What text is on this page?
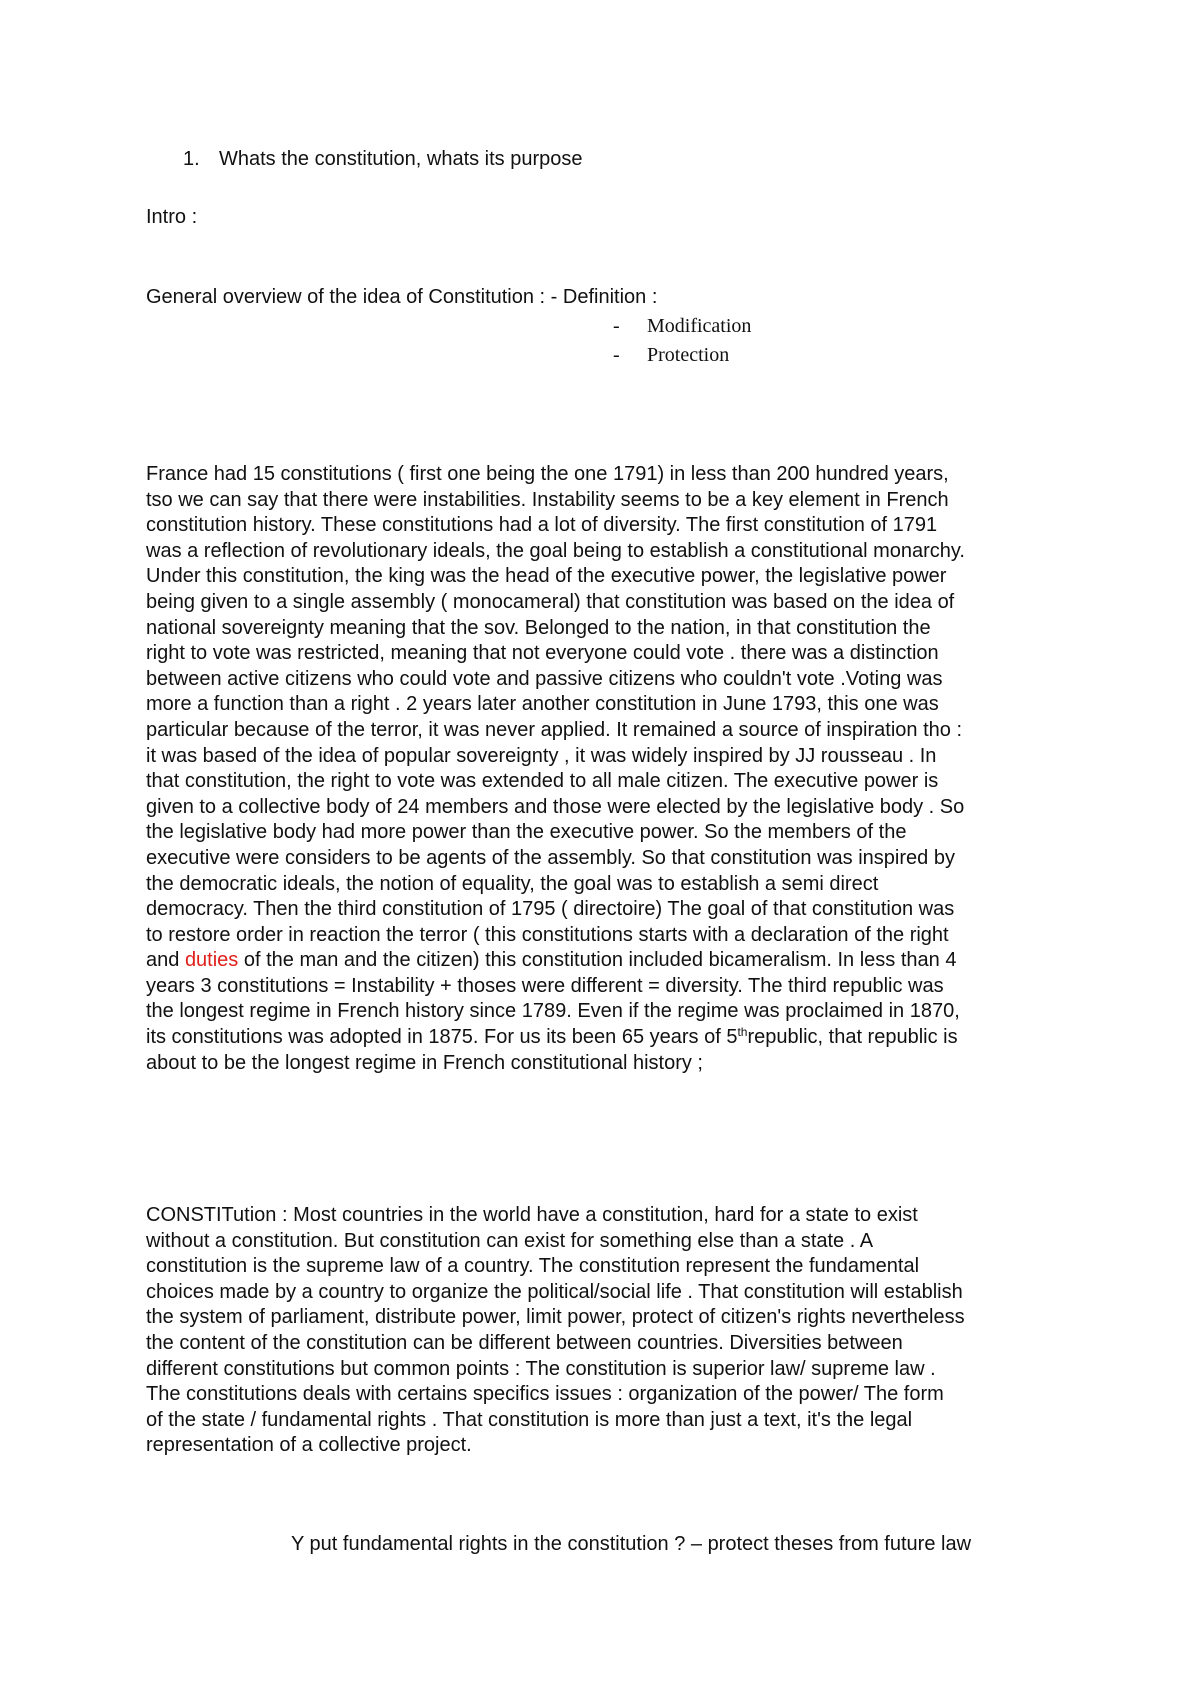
1. Whats the constitution, whats its purpose
Intro :
General overview of the idea of Constitution : - Definition :
- Modification
- Protection
France had 15 constitutions ( first one being the one 1791) in less than 200 hundred years,
tso we can say that there were instabilities. Instability seems to be a key element in French
constitution history. These constitutions had a lot of diversity. The first constitution of 1791
was a reflection of revolutionary ideals, the goal being to establish a constitutional monarchy.
Under this constitution, the king was the head of the executive power, the legislative power
being given to a single assembly ( monocameral) that constitution was based on the idea of
national sovereignty meaning that the sov. Belonged to the nation, in that constitution the
right to vote was restricted, meaning that not everyone could vote . there was a distinction
between active citizens who could vote and passive citizens who couldn't vote .Voting was
more a function than a right . 2 years later another constitution in June 1793, this one was
particular because of the terror, it was never applied. It remained a source of inspiration tho :
it was based of the idea of popular sovereignty , it was widely inspired by JJ rousseau . In
that constitution, the right to vote was extended to all male citizen. The executive power is
given to a collective body of 24 members and those were elected by the legislative body . So
the legislative body had more power than the executive power. So the members of the
executive were considers to be agents of the assembly. So that constitution was inspired by
the democratic ideals, the notion of equality, the goal was to establish a semi direct
democracy. Then the third constitution of 1795 ( directoire) The goal of that constitution was
to restore order in reaction the terror ( this constitutions starts with a declaration of the right
and duties of the man and the citizen) this constitution included bicameralism. In less than 4
years 3 constitutions = Instability + thoses were different = diversity. The third republic was
the longest regime in French history since 1789. Even if the regime was proclaimed in 1870,
its constitutions was adopted in 1875. For us its been 65 years of 5threpublic, that republic is
about to be the longest regime in French constitutional history ;
CONSTITution : Most countries in the world have a constitution, hard for a state to exist
without a constitution. But constitution can exist for something else than a state . A
constitution is the supreme law of a country. The constitution represent the fundamental
choices made by a country to organize the political/social life . That constitution will establish
the system of parliament, distribute power, limit power, protect of citizen's rights nevertheless
the content of the constitution can be different between countries. Diversities between
different constitutions but common points : The constitution is superior law/ supreme law .
The constitutions deals with certains specifics issues : organization of the power/ The form
of the state / fundamental rights . That constitution is more than just a text, it's the legal
representation of a collective project.
Y put fundamental rights in the constitution ? – protect theses from future law
